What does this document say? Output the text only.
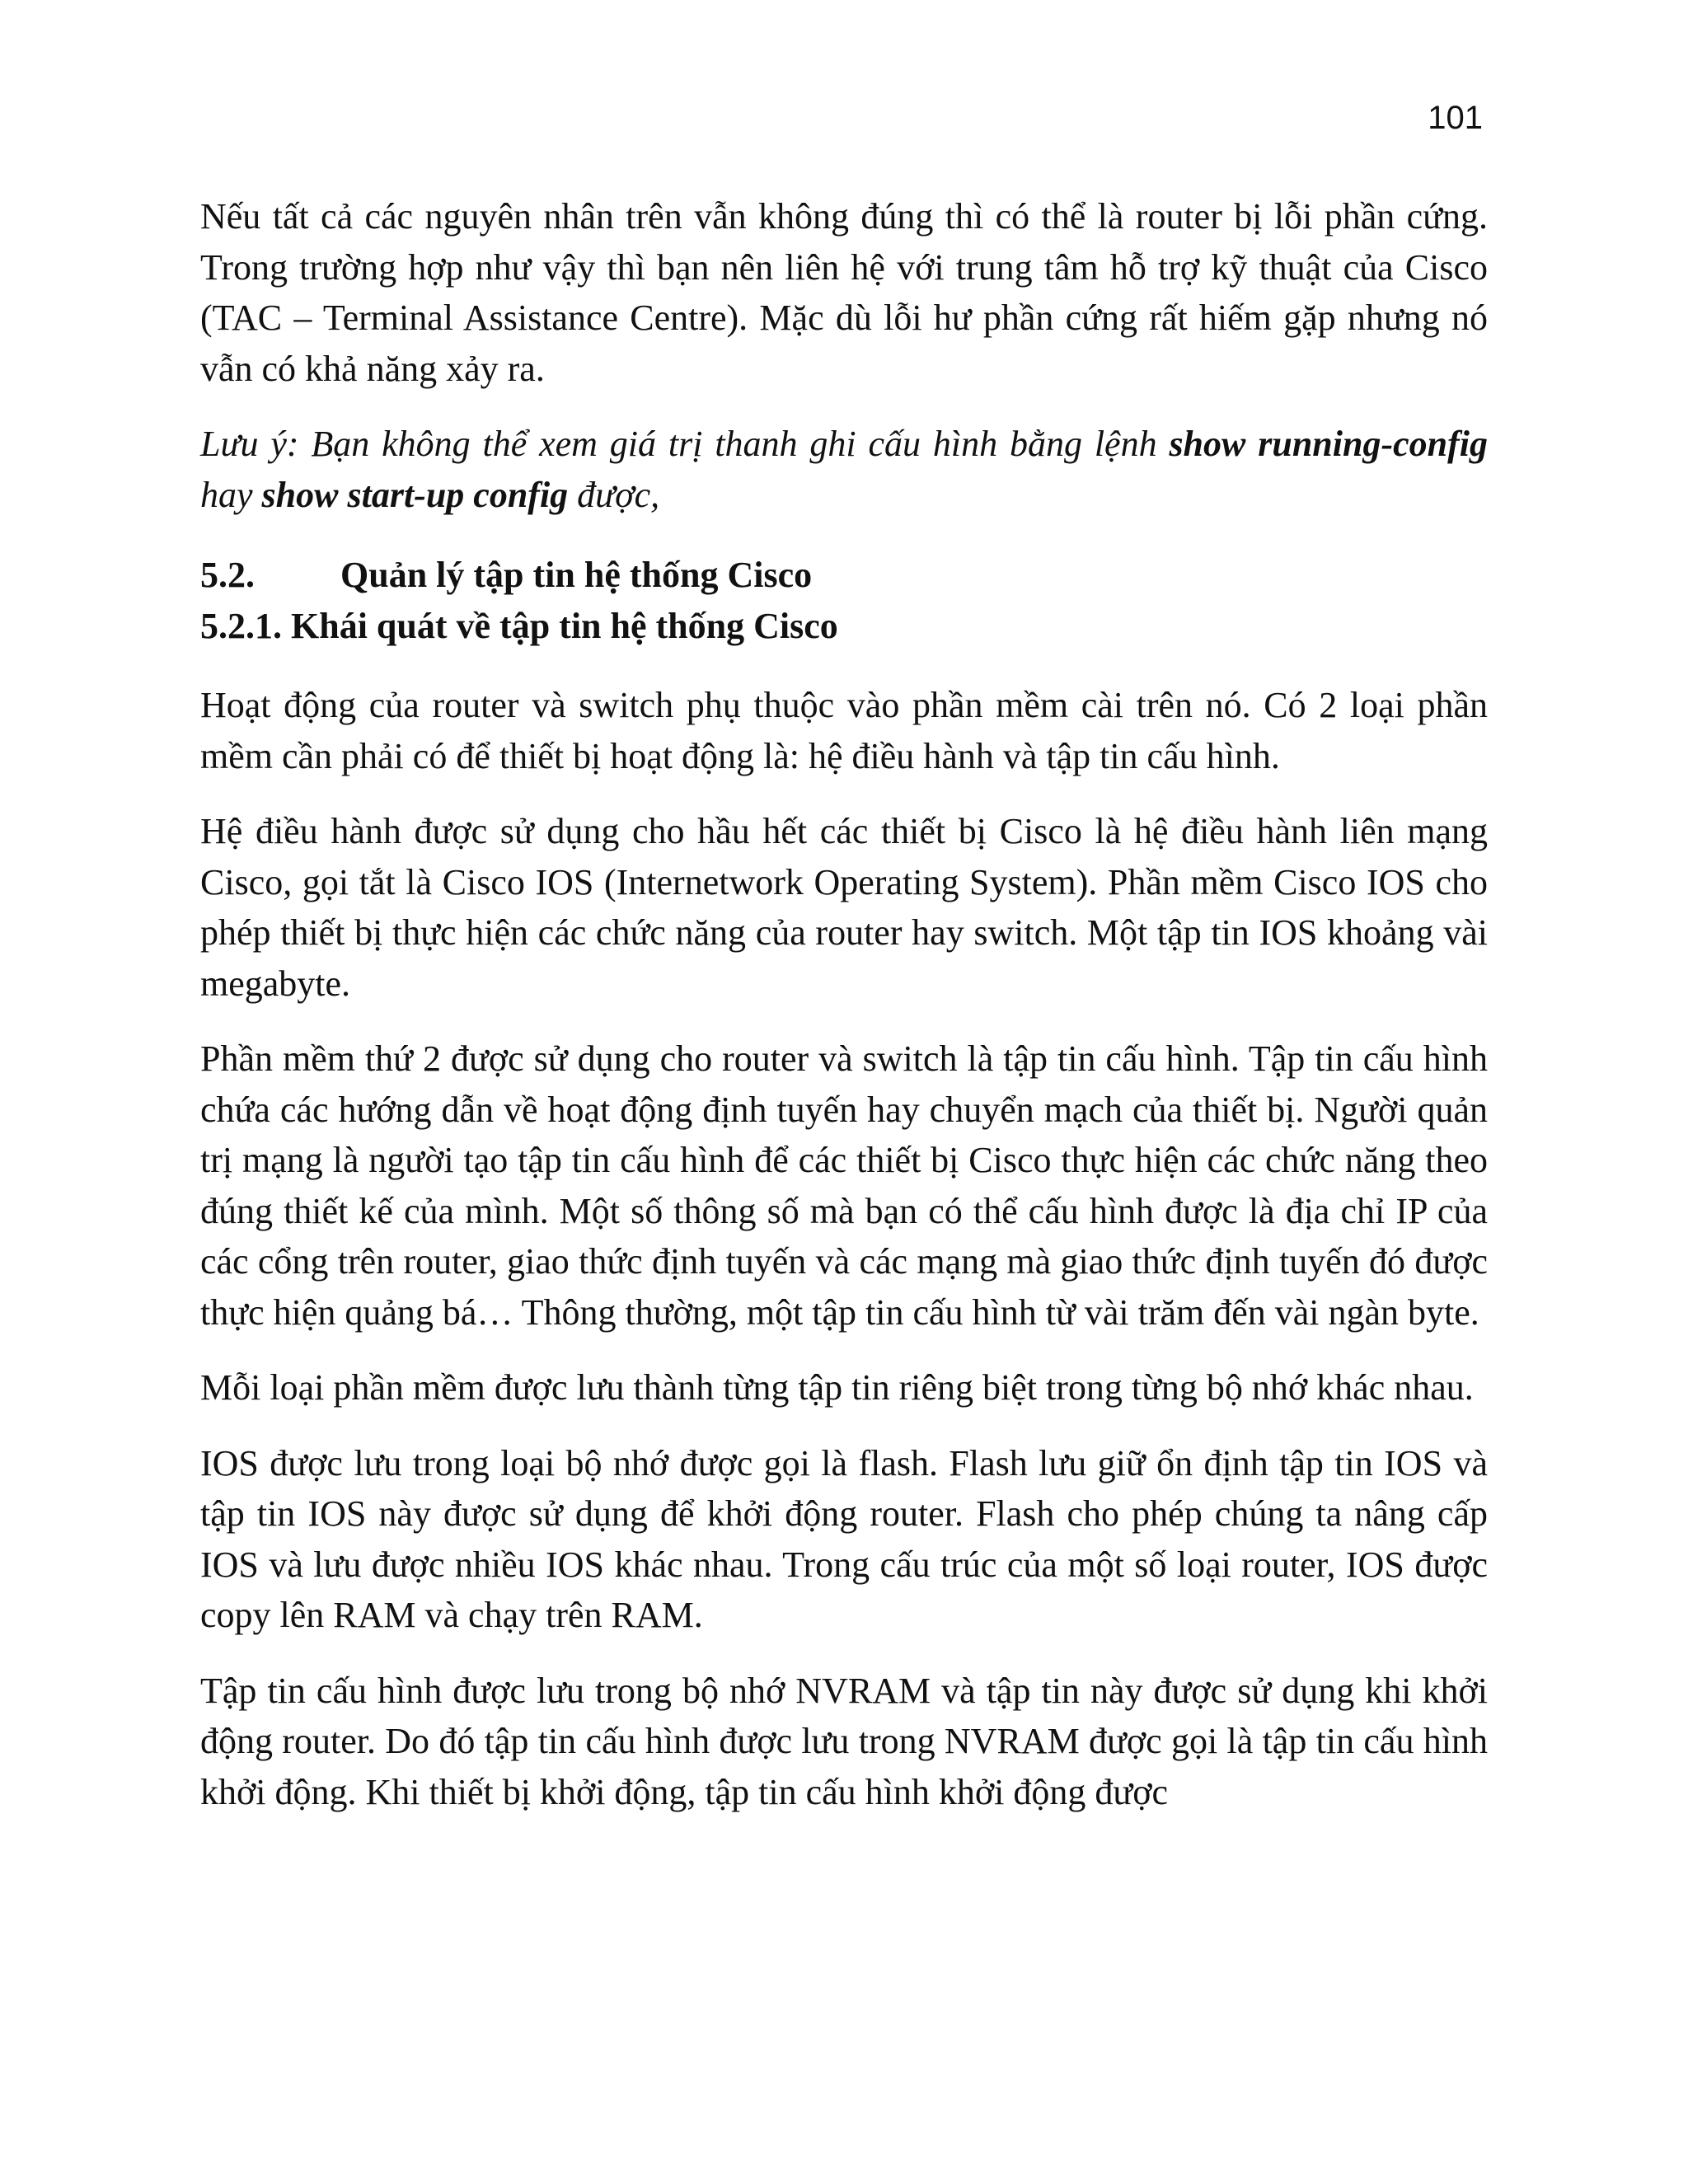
101

Nếu tất cả các nguyên nhân trên vẫn không đúng thì có thể là router bị lỗi phần cứng. Trong trường hợp như vậy thì bạn nên liên hệ với trung tâm hỗ trợ kỹ thuật của Cisco (TAC – Terminal Assistance Centre). Mặc dù lỗi hư phần cứng rất hiếm gặp nhưng nó vẫn có khả năng xảy ra.

Lưu ý: Bạn không thể xem giá trị thanh ghi cấu hình bằng lệnh show running-config hay show start-up config được,

5.2. Quản lý tập tin hệ thống Cisco
5.2.1. Khái quát về tập tin hệ thống Cisco

Hoạt động của router và switch phụ thuộc vào phần mềm cài trên nó. Có 2 loại phần mềm cần phải có để thiết bị hoạt động là: hệ điều hành và tập tin cấu hình.

Hệ điều hành được sử dụng cho hầu hết các thiết bị Cisco là hệ điều hành liên mạng Cisco, gọi tắt là Cisco IOS (Internetwork Operating System). Phần mềm Cisco IOS cho phép thiết bị thực hiện các chức năng của router hay switch. Một tập tin IOS khoảng vài megabyte.

Phần mềm thứ 2 được sử dụng cho router và switch là tập tin cấu hình. Tập tin cấu hình chứa các hướng dẫn về hoạt động định tuyến hay chuyển mạch của thiết bị. Người quản trị mạng là người tạo tập tin cấu hình để các thiết bị Cisco thực hiện các chức năng theo đúng thiết kế của mình. Một số thông số mà bạn có thể cấu hình được là địa chỉ IP của các cổng trên router, giao thức định tuyến và các mạng mà giao thức định tuyến đó được thực hiện quảng bá… Thông thường, một tập tin cấu hình từ vài trăm đến vài ngàn byte.

Mỗi loại phần mềm được lưu thành từng tập tin riêng biệt trong từng bộ nhớ khác nhau.

IOS được lưu trong loại bộ nhớ được gọi là flash. Flash lưu giữ ổn định tập tin IOS và tập tin IOS này được sử dụng để khởi động router. Flash cho phép chúng ta nâng cấp IOS và lưu được nhiều IOS khác nhau. Trong cấu trúc của một số loại router, IOS được copy lên RAM và chạy trên RAM.

Tập tin cấu hình được lưu trong bộ nhớ NVRAM và tập tin này được sử dụng khi khởi động router. Do đó tập tin cấu hình được lưu trong NVRAM được gọi là tập tin cấu hình khởi động. Khi thiết bị khởi động, tập tin cấu hình khởi động được
